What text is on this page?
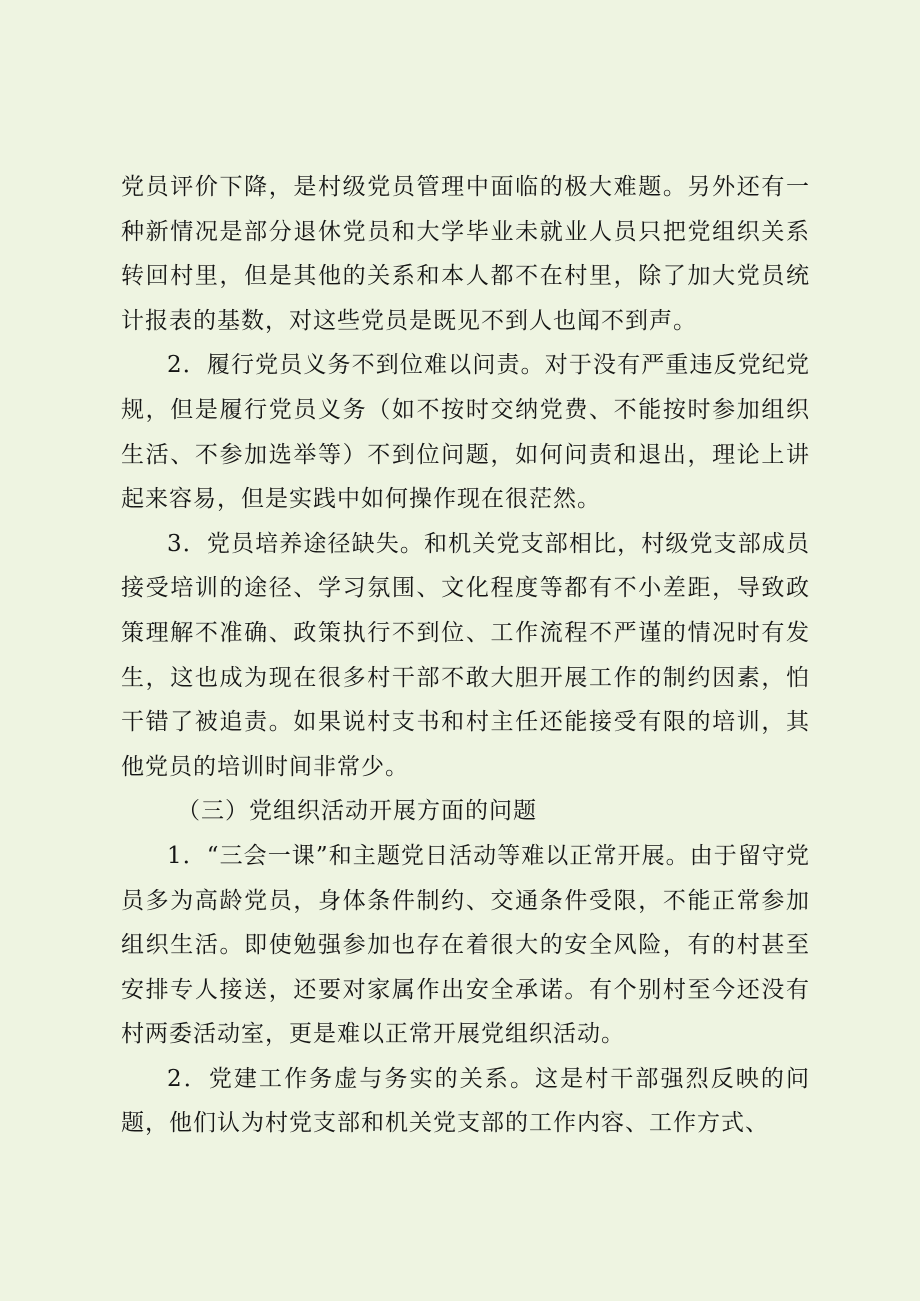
党员评价下降，是村级党员管理中面临的极大难题。另外还有一种新情况是部分退休党员和大学毕业未就业人员只把党组织关系转回村里，但是其他的关系和本人都不在村里，除了加大党员统计报表的基数，对这些党员是既见不到人也闻不到声。

2．履行党员义务不到位难以问责。对于没有严重违反党纪党规，但是履行党员义务（如不按时交纳党费、不能按时参加组织生活、不参加选举等）不到位问题，如何问责和退出，理论上讲起来容易，但是实践中如何操作现在很茫然。

3．党员培养途径缺失。和机关党支部相比，村级党支部成员接受培训的途径、学习氛围、文化程度等都有不小差距，导致政策理解不准确、政策执行不到位、工作流程不严谨的情况时有发生，这也成为现在很多村干部不敢大胆开展工作的制约因素，怕干错了被追责。如果说村支书和村主任还能接受有限的培训，其他党员的培训时间非常少。

（三）党组织活动开展方面的问题

1．“三会一课”和主题党日活动等难以正常开展。由于留守党员多为高龄党员，身体条件制约、交通条件受限，不能正常参加组织生活。即使勉强参加也存在着很大的安全风险，有的村甚至安排专人接送，还要对家属作出安全承诺。有个别村至今还没有村两委活动室，更是难以正常开展党组织活动。

2．党建工作务虚与务实的关系。这是村干部强烈反映的问题，他们认为村党支部和机关党支部的工作内容、工作方式、
